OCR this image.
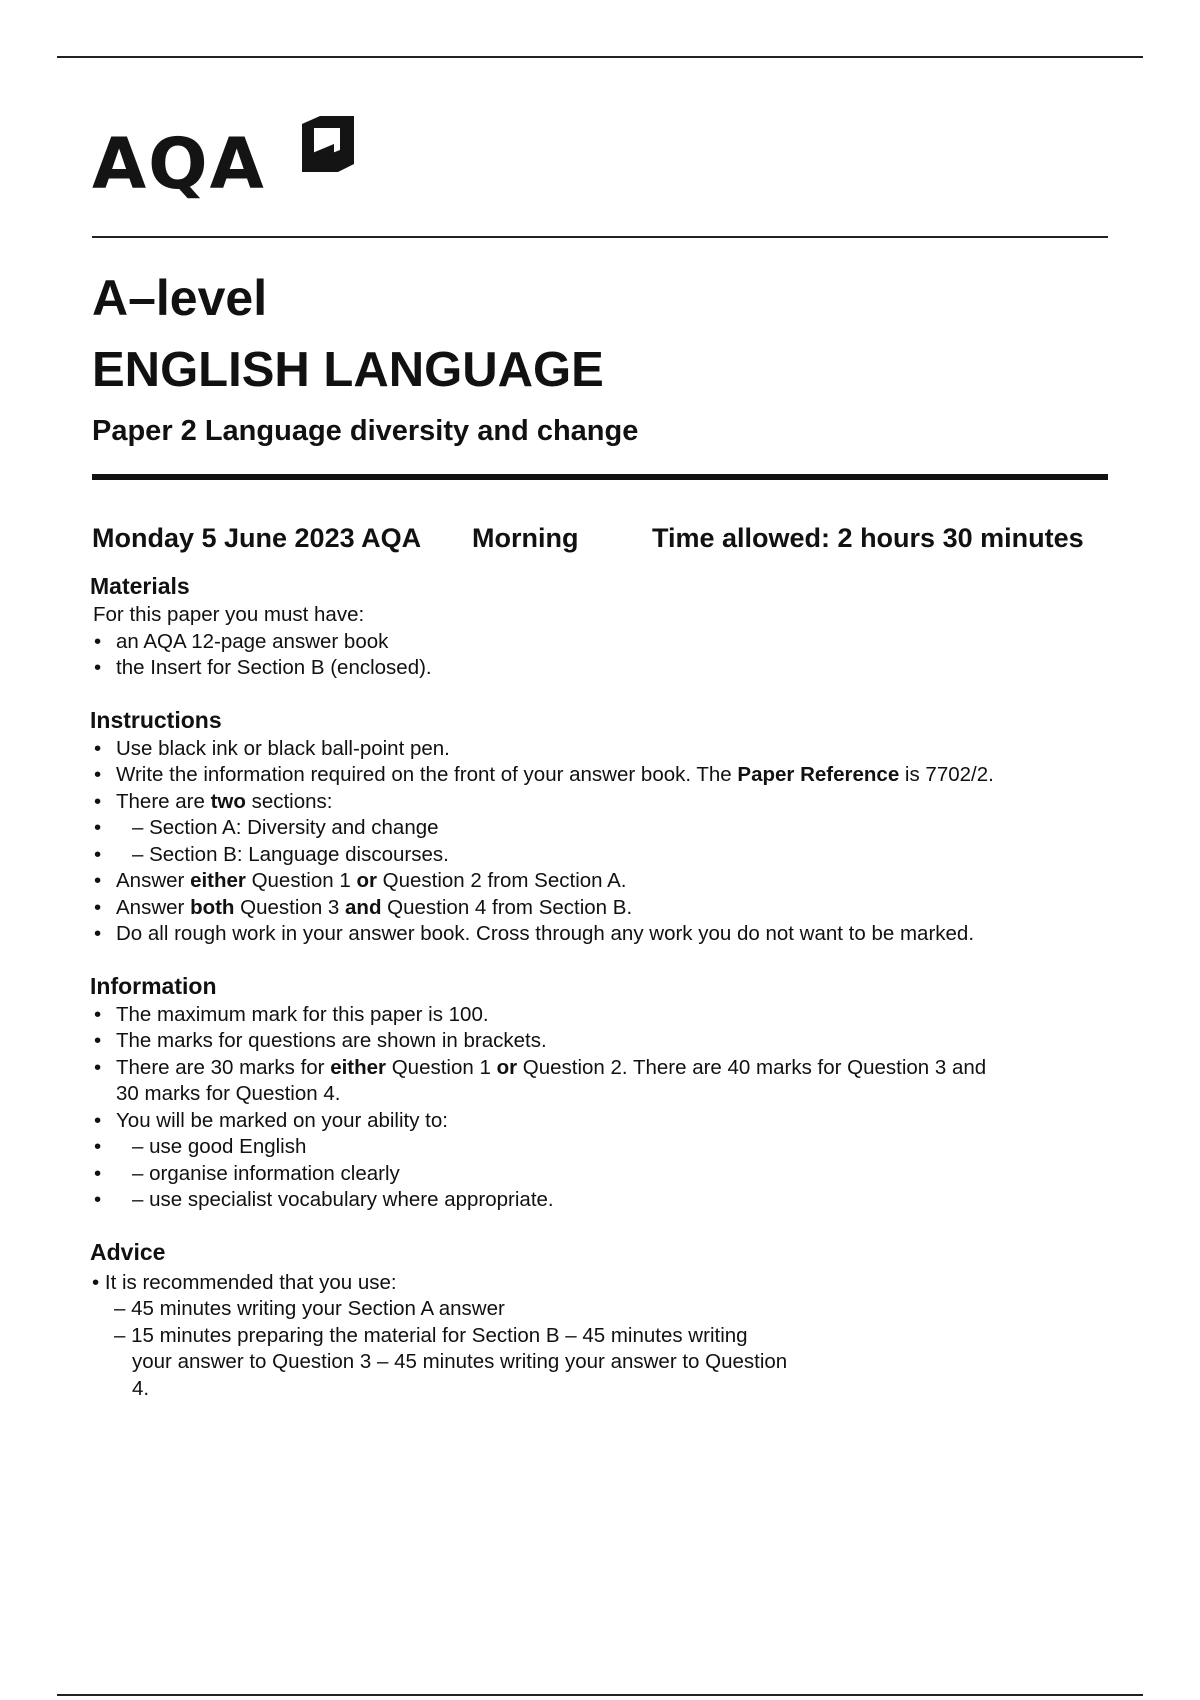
AQA
A–level
ENGLISH LANGUAGE
Paper 2 Language diversity and change
Monday 5 June 2023 AQA Morning	Time allowed: 2 hours 30 minutes
Materials
For this paper you must have:
• an AQA 12-page answer book
• the Insert for Section B (enclosed).
Instructions
• Use black ink or black ball-point pen.
• Write the information required on the front of your answer book. The Paper Reference is 7702/2.
• There are two sections:
• – Section A: Diversity and change
• – Section B: Language discourses.
• Answer either Question 1 or Question 2 from Section A.
• Answer both Question 3 and Question 4 from Section B.
• Do all rough work in your answer book. Cross through any work you do not want to be marked.
Information
• The maximum mark for this paper is 100.
• The marks for questions are shown in brackets.
• There are 30 marks for either Question 1 or Question 2. There are 40 marks for Question 3 and
30 marks for Question 4.
• You will be marked on your ability to:
• – use good English
• – organise information clearly
• – use specialist vocabulary where appropriate.
Advice
• It is recommended that you use:
– 45 minutes writing your Section A answer
– 15 minutes preparing the material for Section B – 45 minutes writing
your answer to Question 3 – 45 minutes writing your answer to Question
4.
